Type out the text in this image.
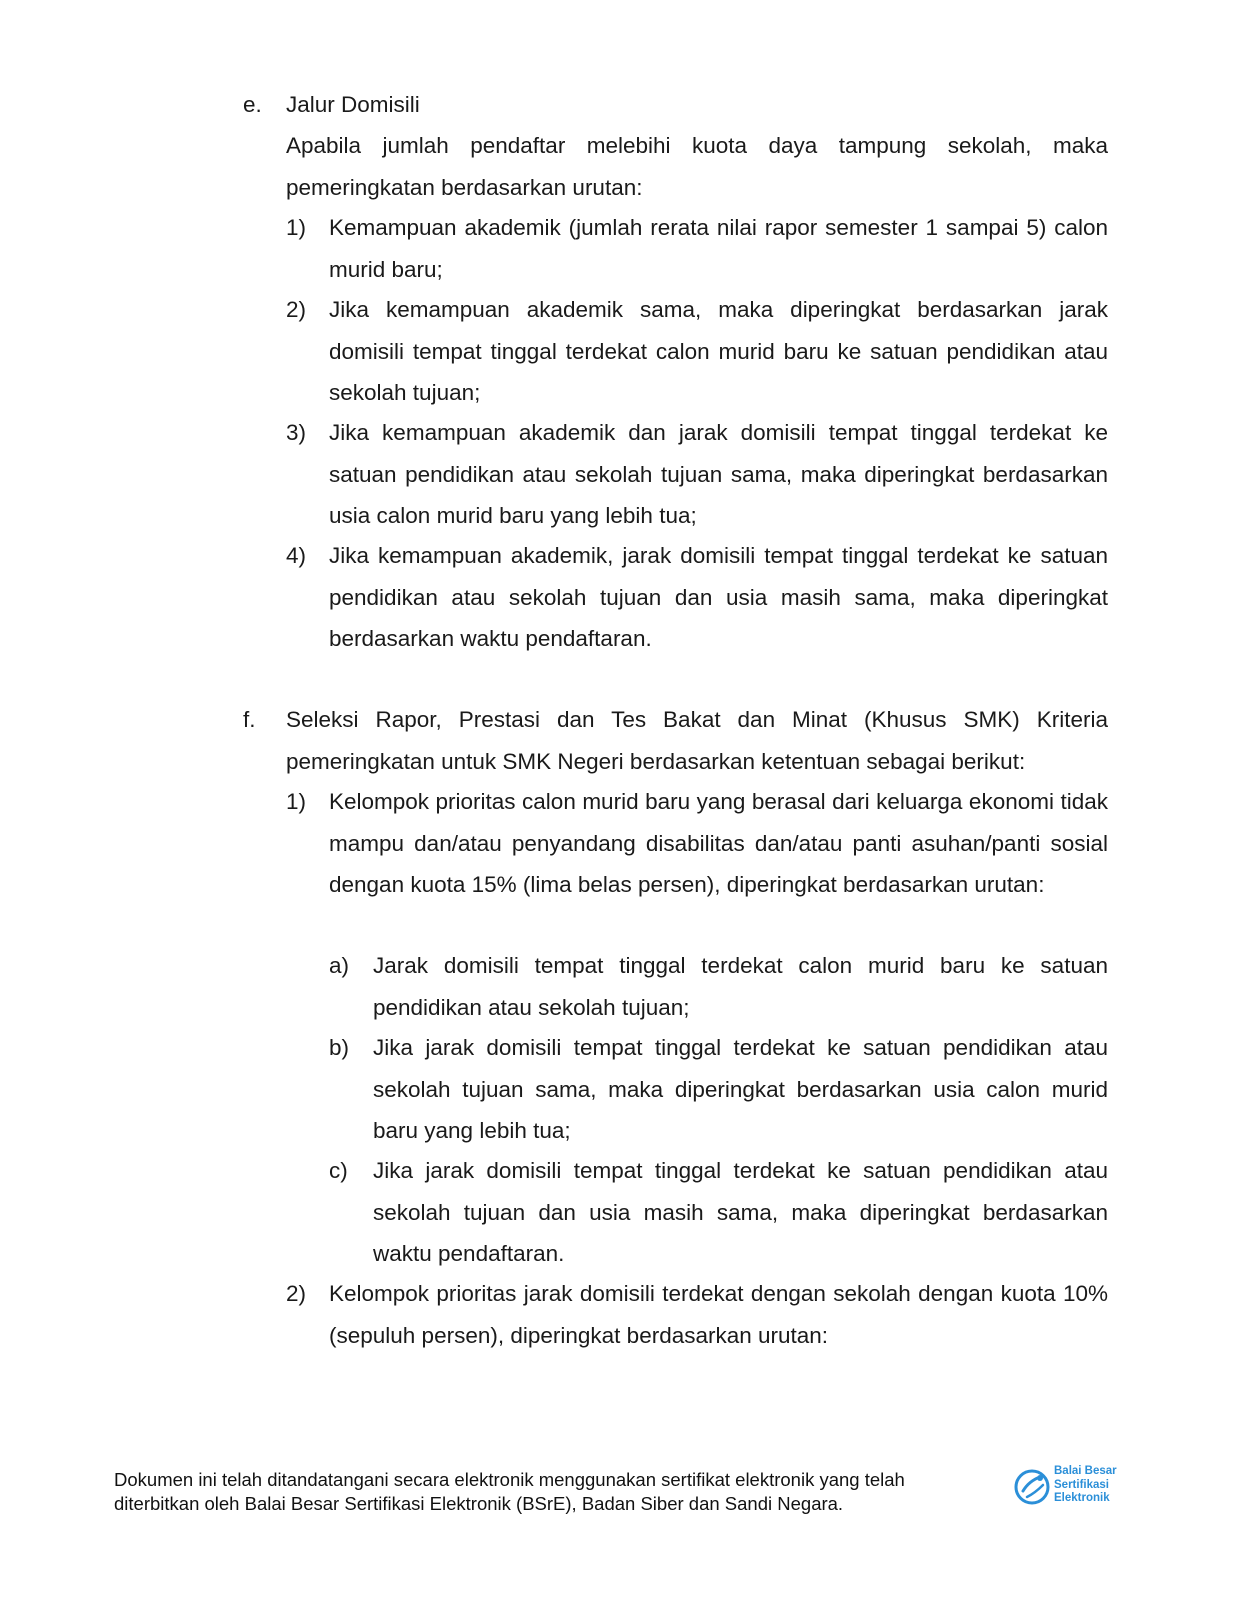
e. Jalur Domisili
Apabila jumlah pendaftar melebihi kuota daya tampung sekolah, maka pemeringkatan berdasarkan urutan:
1) Kemampuan akademik (jumlah rerata nilai rapor semester 1 sampai 5) calon murid baru;
2) Jika kemampuan akademik sama, maka diperingkat berdasarkan jarak domisili tempat tinggal terdekat calon murid baru ke satuan pendidikan atau sekolah tujuan;
3) Jika kemampuan akademik dan jarak domisili tempat tinggal terdekat ke satuan pendidikan atau sekolah tujuan sama, maka diperingkat berdasarkan usia calon murid baru yang lebih tua;
4) Jika kemampuan akademik, jarak domisili tempat tinggal terdekat ke satuan pendidikan atau sekolah tujuan dan usia masih sama, maka diperingkat berdasarkan waktu pendaftaran.
f. Seleksi Rapor, Prestasi dan Tes Bakat dan Minat (Khusus SMK) Kriteria pemeringkatan untuk SMK Negeri berdasarkan ketentuan sebagai berikut:
1) Kelompok prioritas calon murid baru yang berasal dari keluarga ekonomi tidak mampu dan/atau penyandang disabilitas dan/atau panti asuhan/panti sosial dengan kuota 15% (lima belas persen), diperingkat berdasarkan urutan:
a) Jarak domisili tempat tinggal terdekat calon murid baru ke satuan pendidikan atau sekolah tujuan;
b) Jika jarak domisili tempat tinggal terdekat ke satuan pendidikan atau sekolah tujuan sama, maka diperingkat berdasarkan usia calon murid baru yang lebih tua;
c) Jika jarak domisili tempat tinggal terdekat ke satuan pendidikan atau sekolah tujuan dan usia masih sama, maka diperingkat berdasarkan waktu pendaftaran.
2) Kelompok prioritas jarak domisili terdekat dengan sekolah dengan kuota 10% (sepuluh persen), diperingkat berdasarkan urutan:
Dokumen ini telah ditandatangani secara elektronik menggunakan sertifikat elektronik yang telah diterbitkan oleh Balai Besar Sertifikasi Elektronik (BSrE), Badan Siber dan Sandi Negara.
Balai Besar
Sertifikasi
Elektronik
